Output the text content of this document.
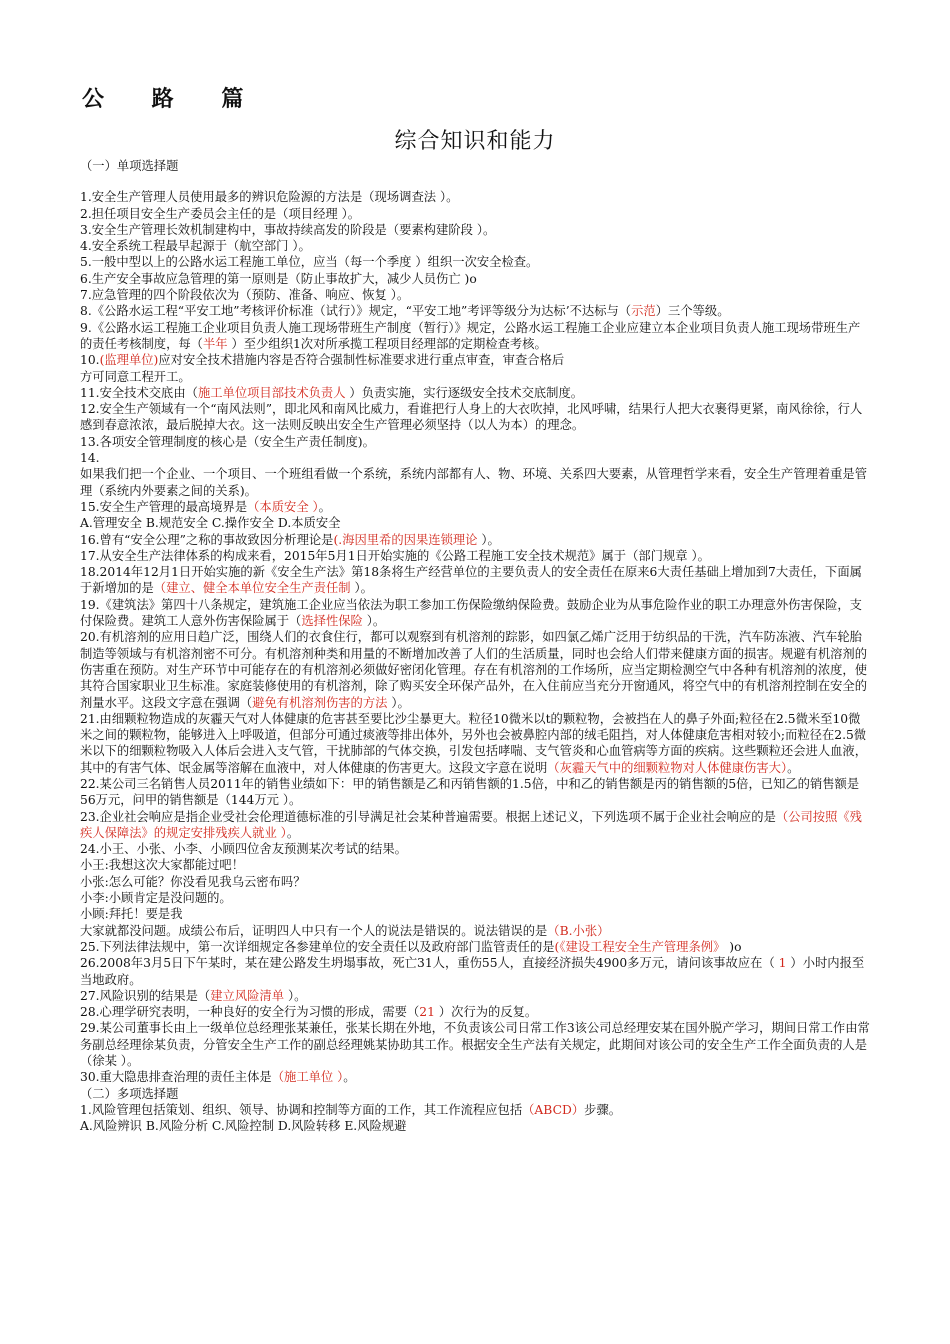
公 路 篇
综合知识和能力

（一）单项选择题

1.安全生产管理人员使用最多的辨识危险源的方法是（现场调查法 ）。

2.担任项目安全生产委员会主任的是（项目经理 ）。

3.安全生产管理长效机制建构中，事故持续高发的阶段是（要素构建阶段 ）。

4.安全系统工程最早起源于（航空部门 ）。

5.一般中型以上的公路水运工程施工单位，应当（每一个季度 ）组织一次安全检查。

6.生产安全事故应急管理的第一原则是（防止事故扩大，减少人员伤亡 )o

7.应急管理的四个阶段依次为（预防、准备、响应、恢复 ）。

8.《公路水运工程“平安工地”考核评价标准（试行）》规定，“平安工地”考评等级分为达标’不达标与（示范）三个等级。

9.《公路水运工程施工企业项目负责人施工现场带班生产制度（暂行）》规定，公路水运工程施工企业应建立本企业项目负责人施工现场带班生产的责任考核制度，每（半年 ）至少组织1次对所承揽工程项目经理部的定期检查考核。

10.(监理单位)应对安全技术措施内容是否符合强制性标准要求进行重点审查，审查合格后

方可同意工程开工。

11.安全技术交底由（施工单位项目部技术负责人 ）负责实施，实行逐级安全技术交底制度。

12.安全生产领域有一个“南风法则”，即北风和南风比威力，看谁把行人身上的大衣吹掉，北风呼啸，结果行人把大衣裹得更紧，南风徐徐，行人感到春意浓浓，最后脱掉大衣。这一法则反映出安全生产管理必须坚持（以人为本）的理念。

13.各项安全管理制度的核心是（安全生产责任制度)。

14.

如果我们把一个企业、一个项目、一个班组看做一个系统，系统内部都有人、物、环境、关系四大要素，从管理哲学来看，安全生产管理着重是管理（系统内外要素之间的关系)。

15.安全生产管理的最高境界是（本质安全 ）。

A.管理安全 B.规范安全 C.操作安全 D.本质安全

16.曾有“安全公理”之称的事故致因分析理论是(.海因里希的因果连锁理论 ）。

17.从安全生产法律体系的构成来看，2015年5月1日开始实施的《公路工程施工安全技术规范》属于（部门规章 ）。

18.2014年12月1日开始实施的新《安全生产法》第18条将生产经营单位的主要负责人的安全责任在原来6大责任基础上增加到7大责任，下面属于新增加的是（建立、健全本单位安全生产责任制 ）。

19.《建筑法》第四十八条规定，建筑施工企业应当依法为职工参加工伤保险缴纳保险费。鼓励企业为从事危险作业的职工办理意外伤害保险，支付保险费。建筑工人意外伤害保险属于（选择性保险 ）。

20.有机溶剂的应用日趋广泛，围绕人们的衣食住行，都可以观察到有机溶剂的踪影，如四氯乙烯广泛用于纺织品的干洗，汽车防冻液、汽车轮胎制造等领域与有机溶剂密不可分。有机溶剂种类和用量的不断增加改善了人们的生活质量，同时也会给人们带来健康方面的损害。规避有机溶剂的伤害重在预防。对生产环节中可能存在的有机溶剂必须做好密闭化管理。存在有机溶剂的工作场所，应当定期检测空气中各种有机溶剂的浓度，使其符合国家职业卫生标准。家庭装修使用的有机溶剂，除了购买安全环保产品外，在入住前应当充分开窗通风，将空气中的有机溶剂控制在安全的剂量水平。这段文字意在强调（避免有机溶剂伤害的方法 ）。

21.由细颗粒物造成的灰霾天气对人体健康的危害甚至要比沙尘暴更大。粒径10微米以t的颗粒物，会被挡在人的鼻子外面;粒径在2.5微米至10微米之间的颗粒物，能够进入上呼吸道，但部分可通过痰液等排出体外，另外也会被鼻腔内部的绒毛阻挡，对人体健康危害相对较小;而粒径在2.5微米以下的细颗粒物吸入人体后会进入支气管，干扰肺部的气体交换，引发包括哮喘、支气管炎和心血管病等方面的疾病。这些颗粒还会进人血液，其中的有害气体、氓金属等溶解在血液中，对人体健康的伤害更大。这段文字意在说明（灰霾天气中的细颗粒物对人体健康伤害大）。

22.某公司三名销售人员2011年的销售业绩如下：甲的销售额是乙和丙销售额的1.5倍，中和乙的销售额是丙的销售额的5倍，已知乙的销售额是56万元，问甲的销售额是（144万元 ）。

23.企业社会响应是指企业受社会伦理道德标准的引导满足社会某种普遍需要。根据上述记义，下列选项不属于企业社会响应的是（公司按照《残疾人保障法》的规定安排残疾人就业 ）。

24.小王、小张、小李、小顾四位舍友预测某次考试的结果。

小王:我想这次大家都能过吧！

小张:怎么可能？你没看见我乌云密布吗？

小李:小顾肯定是没问题的。

小顾:拜托！要是我

大家就都没问题。成绩公布后，证明四人中只有一个人的说法是错误的。说法错误的是（B.小张）

25.下列法律法规中，第一次详细规定各参建单位的安全责任以及政府部门监管责任的是(《建设工程安全生产管理条例》 )o

26.2008年3月5日下午某时，某在建公路发生坍塌事故，死亡31人，重伤55人，直接经济损失4900多万元，请问该事故应在（ 1 ）小时内报至当地政府。

27.风险识别的结果是（建立风险清单 ）。

28.心理学研究表明，一种良好的安全行为习惯的形成，需要（21 ）次行为的反复。

29.某公司董事长由上一级单位总经理张某兼任，张某长期在外地，不负责该公司日常工作3该公司总经理安某在国外脱产学习，期间日常工作由常务副总经理徐某负责，分管安全生产工作的副总经理姚某协助其工作。根据安全生产法有关规定，此期间对该公司的安全生产工作全面负责的人是（徐某 ）。

30.重大隐患排查治理的责任主体是（施工单位 ）。

（二）多项选择题

1.风险管理包括策划、组织、领导、协调和控制等方面的工作，其工作流程应包括（ABCD）步骤。

A.风险辨识 B.风险分析 C.风险控制 D.风险转移 E.风险规避
